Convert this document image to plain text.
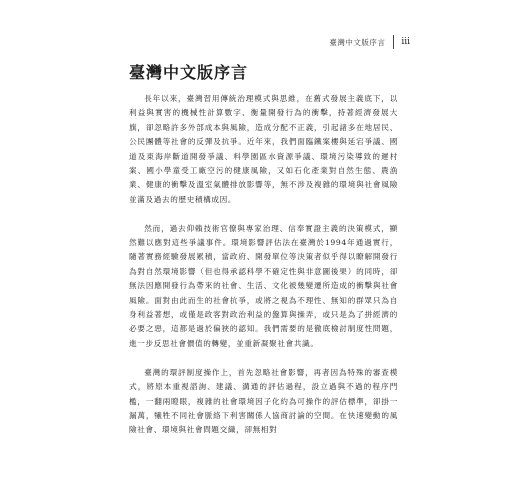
臺灣中文版序言 iii
臺灣中文版序言

長年以來，臺灣習用傳統治理模式與思維，在舊式發展主義底下，以利益與實害的機械性計算數字、衡量開發行為的衝擊，持著經濟發展大旗，卻忽略許多外部成本與風險，造成分配不正義，引起諸多在地居民、公民團體等社會的反彈及抗爭。近年來，我們面臨鐵案樓與延宕爭議、國道及東海岸斷道開發爭議、料學園區水資源爭議、環境污染導致的遲村案、國小學童受工廠空污的健康風險，又如石化產業對自然生態、農漁業、健康的衝擊及溫室氣體排放影響等，無不涉及複雜的環境與社會風險並滿及過去的歷史積構成因。

然而，過去仰賴技術官僚與專家治理、信奉實證主義的決策模式，顯然難以應對這些爭議事件。環境影響評估法在臺灣於1994年通過實行，隨著實務經驗發展累積，當政府、開發單位等決策者似乎得以瞭解開發行為對自然環境影響（但也得承認科學不確定性與非意圖後果）的同時，卻無法因應開發行為帶來的社會、生活、文化被幾變遷所造成的衝擊與社會風險。面對由此而生的社會抗爭，或將之視為不理性、無知的群眾只為自身利益著想，或僅是政客對政治利益的盤算與操弄，或只是為了拼經濟的必要之惡，這都是過於偏狹的認知。我們需要的是徹底檢討制度性問題，進一步反思社會價值的轉變，並重新凝聚社會共識。

臺灣的環評制度操作上，首先忽略社會影響，再者因為特殊的審查模式，將原本重視諮詢、建議、溝通的評估過程，設立過與不過的程序門檻，一翻兩瞪眼，複雜的社會環境因子化約為可操作的評估標準，卻掛一漏萬，犧牲不同社會脈絡下利害關係人協商討論的空間。在快速變動的風險社會、環境與社會問題交織，卻無相對
